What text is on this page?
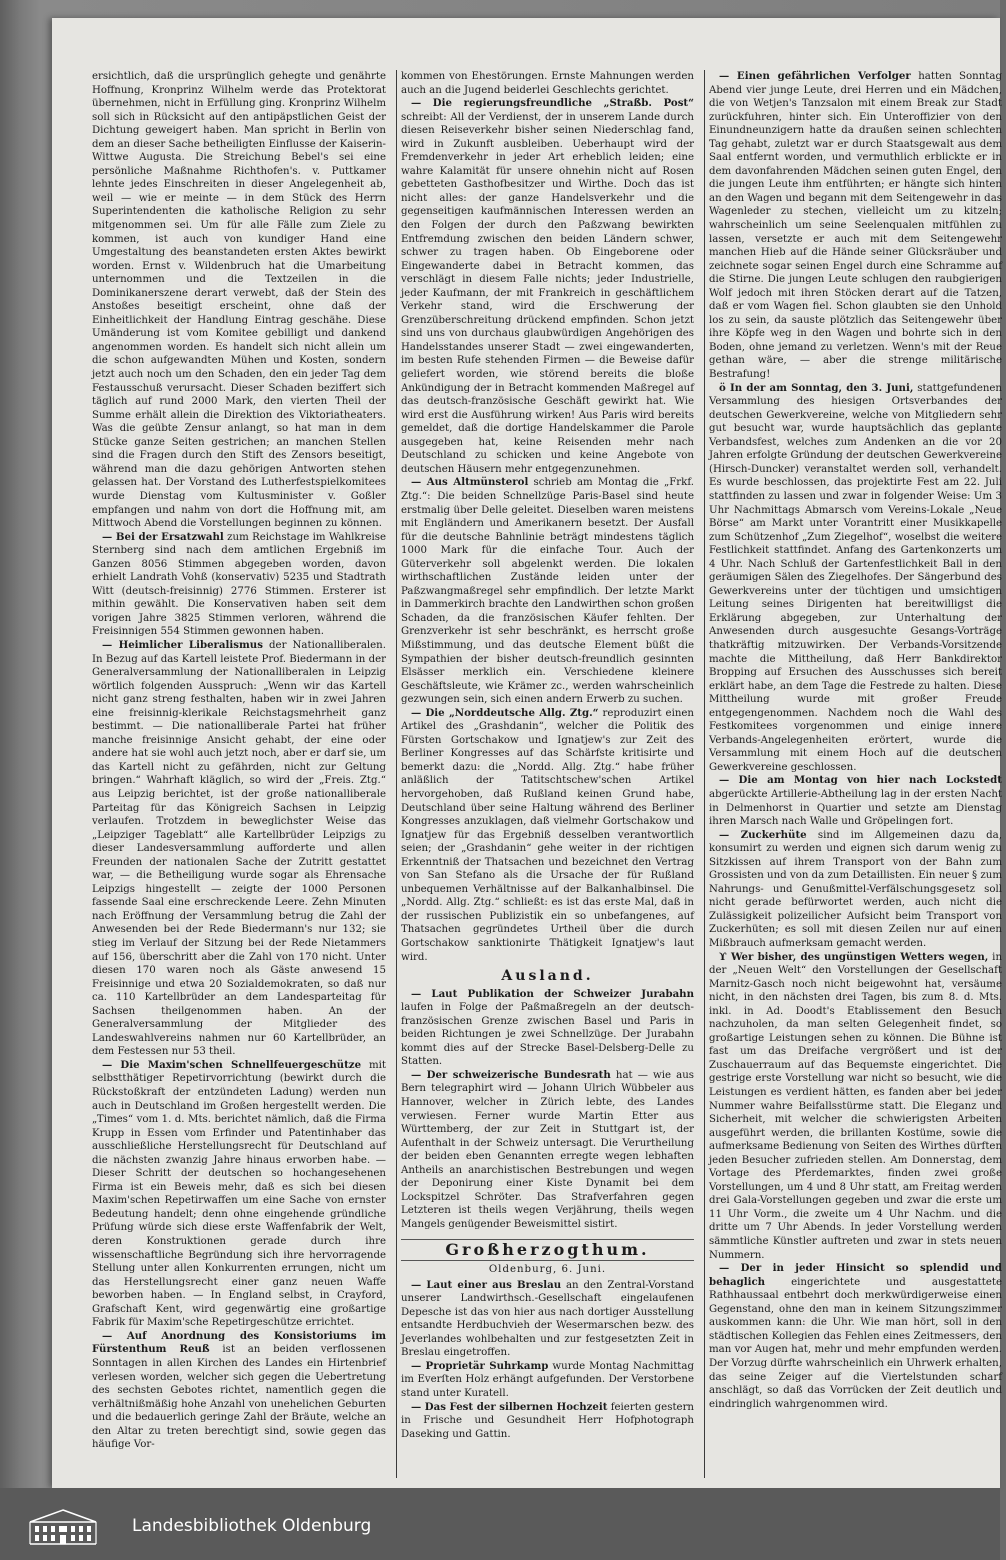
ersichtlich, daß die ursprünglich gehegte und genährte Hoffnung, Kronprinz Wilhelm werde das Protektorat übernehmen, nicht in Erfüllung ging. Kronprinz Wilhelm soll sich in Rücksicht auf den antipäpstlichen Geist der Dichtung geweigert haben. Man spricht in Berlin von dem an dieser Sache betheiligten Einflusse der Kaiserin-Wittwe Augusta. Die Streichung Bebel's sei eine persönliche Maßnahme Richthofen's. v. Puttkamer lehnte jedes Einschreiten in dieser Angelegenheit ab, weil — wie er meinte — in dem Stück des Herrn Superintendenten die katholische Religion zu sehr mitgenommen sei. Um für alle Fälle zum Ziele zu kommen, ist auch von kundiger Hand eine Umgestaltung des beanstandeten ersten Aktes bewirkt worden. Ernst v. Wildenbruch hat die Umarbeitung unternommen und die Textzeilen in die Dominikanerszene derart verwebt, daß der Stein des Anstoßes beseitigt erscheint, ohne daß der Einheitlichkeit der Handlung Eintrag geschähe. Diese Umänderung ist vom Komitee gebilligt und dankend angenommen worden. Es handelt sich nicht allein um die schon aufgewandten Mühen und Kosten, sondern jetzt auch noch um den Schaden, den ein jeder Tag dem Festausschuß verursacht. Dieser Schaden beziffert sich täglich auf rund 2000 Mark, den vierten Theil der Summe erhält allein die Direktion des Viktoriatheaters. Was die geübte Zensur anlangt, so hat man in dem Stücke ganze Seiten gestrichen; an manchen Stellen sind die Fragen durch den Stift des Zensors beseitigt, während man die dazu gehörigen Antworten stehen gelassen hat. Der Vorstand des Lutherfestspielkomitees wurde Dienstag vom Kultusminister v. Goßler empfangen und nahm von dort die Hoffnung mit, am Mittwoch Abend die Vorstellungen beginnen zu können.

— Bei der Ersatzwahl zum Reichstage im Wahlkreise Sternberg sind nach dem amtlichen Ergebniß im Ganzen 8056 Stimmen abgegeben worden, davon erhielt Landrath Vohß (konservativ) 5235 und Stadtrath Witt (deutsch-freisinnig) 2776 Stimmen. Ersterer ist mithin gewählt. Die Konservativen haben seit dem vorigen Jahre 3825 Stimmen verloren, während die Freisinnigen 554 Stimmen gewonnen haben.

— Heimlicher Liberalismus der Nationalliberalen. In Bezug auf das Kartell leistete Prof. Biedermann in der Generalversammlung der Nationalliberalen in Leipzig wörtlich folgenden Ausspruch: „Wenn wir das Kartell nicht ganz streng festhalten, haben wir in zwei Jahren eine freisinnig-klerikale Reichstagsmehrheit ganz bestimmt. — Die nationalliberale Partei hat früher manche freisinnige Ansicht gehabt, der eine oder andere hat sie wohl auch jetzt noch, aber er darf sie, um das Kartell nicht zu gefährden, nicht zur Geltung bringen.“ Wahrhaft kläglich, so wird der „Freis. Ztg.“ aus Leipzig berichtet, ist der große nationalliberale Parteitag für das Königreich Sachsen in Leipzig verlaufen. Trotzdem in beweglichster Weise das „Leipziger Tageblatt“ alle Kartellbrüder Leipzigs zu dieser Landesversammlung aufforderte und allen Freunden der nationalen Sache der Zutritt gestattet war, — die Betheiligung wurde sogar als Ehrensache Leipzigs hingestellt — zeigte der 1000 Personen fassende Saal eine erschreckende Leere. Zehn Minuten nach Eröffnung der Versammlung betrug die Zahl der Anwesenden bei der Rede Biedermann's nur 132; sie stieg im Verlauf der Sitzung bei der Rede Nietammers auf 156, überschritt aber die Zahl von 170 nicht. Unter diesen 170 waren noch als Gäste anwesend 15 Freisinnige und etwa 20 Sozialdemokraten, so daß nur ca. 110 Kartellbrüder an dem Landesparteitag für Sachsen theilgenommen haben. An der Generalversammlung der Mitglieder des Landeswahlvereins nahmen nur 60 Kartellbrüder, an dem Festessen nur 53 theil.

— Die Maxim'schen Schnellfeuergeschütze mit selbstthätiger Repetirvorrichtung (bewirkt durch die Rückstoßkraft der entzündeten Ladung) werden nun auch in Deutschland im Großen hergestellt werden. Die „Times“ vom 1. d. Mts. berichtet nämlich, daß die Firma Krupp in Essen vom Erfinder und Patentinhaber das ausschließliche Herstellungsrecht für Deutschland auf die nächsten zwanzig Jahre hinaus erworben habe. — Dieser Schritt der deutschen so hochangesehenen Firma ist ein Beweis mehr, daß es sich bei diesen Maxim'schen Repetirwaffen um eine Sache von ernster Bedeutung handelt; denn ohne eingehende gründliche Prüfung würde sich diese erste Waffenfabrik der Welt, deren Konstruktionen gerade durch ihre wissenschaftliche Begründung sich ihre hervorragende Stellung unter allen Konkurrenten errungen, nicht um das Herstellungsrecht einer ganz neuen Waffe beworben haben. — In England selbst, in Crayford, Grafschaft Kent, wird gegenwärtig eine großartige Fabrik für Maxim'sche Repetirgeschütze errichtet.

— Auf Anordnung des Konsistoriums im Fürstenthum Reuß ist an beiden verflossenen Sonntagen in allen Kirchen des Landes ein Hirtenbrief verlesen worden, welcher sich gegen die Uebertretung des sechsten Gebotes richtet, namentlich gegen die verhältnißmäßig hohe Anzahl von unehelichen Geburten und die bedauerlich geringe Zahl der Bräute, welche an den Altar zu treten berechtigt sind, sowie gegen das häufige Vor-

kommen von Ehestörungen. Ernste Mahnungen werden auch an die Jugend beiderlei Geschlechts gerichtet.

— Die regierungsfreundliche „Straßb. Post“ schreibt: All der Verdienst, der in unserem Lande durch diesen Reiseverkehr bisher seinen Niederschlag fand, wird in Zukunft ausbleiben. Ueberhaupt wird der Fremdenverkehr in jeder Art erheblich leiden; eine wahre Kalamität für unsere ohnehin nicht auf Rosen gebetteten Gasthofbesitzer und Wirthe. Doch das ist nicht alles: der ganze Handelsverkehr und die gegenseitigen kaufmännischen Interessen werden an den Folgen der durch den Paßzwang bewirkten Entfremdung zwischen den beiden Ländern schwer, schwer zu tragen haben. Ob Eingeborene oder Eingewanderte dabei in Betracht kommen, das verschlägt in diesem Falle nichts; jeder Industrielle, jeder Kaufmann, der mit Frankreich in geschäftlichem Verkehr stand, wird die Erschwerung der Grenzüberschreitung drückend empfinden. Schon jetzt sind uns von durchaus glaubwürdigen Angehörigen des Handelsstandes unserer Stadt — zwei eingewanderten, im besten Rufe stehenden Firmen — die Beweise dafür geliefert worden, wie störend bereits die bloße Ankündigung der in Betracht kommenden Maßregel auf das deutsch-französische Geschäft gewirkt hat. Wie wird erst die Ausführung wirken! Aus Paris wird bereits gemeldet, daß die dortige Handelskammer die Parole ausgegeben hat, keine Reisenden mehr nach Deutschland zu schicken und keine Angebote von deutschen Häusern mehr entgegenzunehmen.

— Aus Altmünsterol schrieb am Montag die „Frkf. Ztg.“: Die beiden Schnellzüge Paris-Basel sind heute erstmalig über Delle geleitet. Dieselben waren meistens mit Engländern und Amerikanern besetzt. Der Ausfall für die deutsche Bahnlinie beträgt mindestens täglich 1000 Mark für die einfache Tour. Auch der Güterverkehr soll abgelenkt werden. Die lokalen wirthschaftlichen Zustände leiden unter der Paßzwangmaßregel sehr empfindlich. Der letzte Markt in Dammerkirch brachte den Landwirthen schon großen Schaden, da die französischen Käufer fehlten. Der Grenzverkehr ist sehr beschränkt, es herrscht große Mißstimmung, und das deutsche Element büßt die Sympathien der bisher deutsch-freundlich gesinnten Elsässer merklich ein. Verschiedene kleinere Geschäftsleute, wie Krämer zc., werden wahrscheinlich gezwungen sein, sich einen andern Erwerb zu suchen.

— Die „Norddeutsche Allg. Ztg.“ reproduzirt einen Artikel des „Grashdanin“, welcher die Politik des Fürsten Gortschakow und Ignatjew's zur Zeit des Berliner Kongresses auf das Schärfste kritisirte und bemerkt dazu: die „Nordd. Allg. Ztg.“ habe früher anläßlich der Tatitschtschew'schen Artikel hervorgehoben, daß Rußland keinen Grund habe, Deutschland über seine Haltung während des Berliner Kongresses anzuklagen, daß vielmehr Gortschakow und Ignatjew für das Ergebniß desselben verantwortlich seien; der „Grashdanin“ gehe weiter in der richtigen Erkenntniß der Thatsachen und bezeichnet den Vertrag von San Stefano als die Ursache der für Rußland unbequemen Verhältnisse auf der Balkanhalbinsel. Die „Nordd. Allg. Ztg.“ schließt: es ist das erste Mal, daß in der russischen Publizistik ein so unbefangenes, auf Thatsachen gegründetes Urtheil über die durch Gortschakow sanktionirte Thätigkeit Ignatjew's laut wird.

Ausland.

— Laut Publikation der Schweizer Jurabahn laufen in Folge der Paßmaßregeln an der deutsch-französischen Grenze zwischen Basel und Paris in beiden Richtungen je zwei Schnellzüge. Der Jurabahn kommt dies auf der Strecke Basel-Delsberg-Delle zu Statten.

— Der schweizerische Bundesrath hat — wie aus Bern telegraphirt wird — Johann Ulrich Wübbeler aus Hannover, welcher in Zürich lebte, des Landes verwiesen. Ferner wurde Martin Etter aus Württemberg, der zur Zeit in Stuttgart ist, der Aufenthalt in der Schweiz untersagt. Die Verurtheilung der beiden eben Genannten erregte wegen lebhaften Antheils an anarchistischen Bestrebungen und wegen der Deponirung einer Kiste Dynamit bei dem Lockspitzel Schröter. Das Strafverfahren gegen Letzteren ist theils wegen Verjährung, theils wegen Mangels genügender Beweismittel sistirt.

Großherzogthum.

Oldenburg, 6. Juni.

— Laut einer aus Breslau an den Zentral-Vorstand unserer Landwirthsch.-Gesellschaft eingelaufenen Depesche ist das von hier aus nach dortiger Ausstellung entsandte Herdbuchvieh der Wesermarschen bezw. des Jeverlandes wohlbehalten und zur festgesetzten Zeit in Breslau eingetroffen.

— Proprietär Suhrkamp wurde Montag Nachmittag im Everſten Holz erhängt aufgefunden. Der Verstorbene stand unter Kuratell.

— Das Fest der silbernen Hochzeit feierten gestern in Frische und Gesundheit Herr Hofphotograph Daseking und Gattin.

— Einen gefährlichen Verfolger hatten Sonntag Abend vier junge Leute, drei Herren und ein Mädchen, die von Wetjen's Tanzsalon mit einem Break zur Stadt zurückfuhren, hinter sich. Ein Unteroffizier von den Einundneunzigern hatte da draußen seinen schlechten Tag gehabt, zuletzt war er durch Staatsgewalt aus dem Saal entfernt worden, und vermuthlich erblickte er in dem davonfahrenden Mädchen seinen guten Engel, den die jungen Leute ihm entführten; er hängte sich hinten an den Wagen und begann mit dem Seitengewehr in das Wagenleder zu stechen, vielleicht um zu kitzeln; wahrscheinlich um seine Seelenqualen mitfühlen zu lassen, versetzte er auch mit dem Seitengewehr manchen Hieb auf die Hände seiner Glücksräuber und zeichnete sogar seinen Engel durch eine Schramme auf die Stirne. Die jungen Leute schlugen den raubgierigen Wolf jedoch mit ihren Stöcken derart auf die Tatzen, daß er vom Wagen fiel. Schon glaubten sie den Unhold los zu sein, da sauste plötzlich das Seitengewehr über ihre Köpfe weg in den Wagen und bohrte sich in den Boden, ohne jemand zu verletzen. Wenn's mit der Reue gethan wäre, — aber die strenge militärische Bestrafung!

ö In der am Sonntag, den 3. Juni, stattgefundenen Versammlung des hiesigen Ortsverbandes der deutschen Gewerkvereine, welche von Mitgliedern sehr gut besucht war, wurde hauptsächlich das geplante Verbandsfest, welches zum Andenken an die vor 20 Jahren erfolgte Gründung der deutschen Gewerkvereine (Hirsch-Duncker) veranstaltet werden soll, verhandelt. Es wurde beschlossen, das projektirte Fest am 22. Juli stattfinden zu lassen und zwar in folgender Weise: Um 3 Uhr Nachmittags Abmarsch vom Vereins-Lokale „Neue Börse“ am Markt unter Vorantritt einer Musikkapelle zum Schützenhof „Zum Ziegelhof“, woselbst die weitere Festlichkeit stattfindet. Anfang des Gartenkonzerts um 4 Uhr. Nach Schluß der Gartenfestlichkeit Ball in den geräumigen Sälen des Ziegelhofes. Der Sängerbund des Gewerkvereins unter der tüchtigen und umsichtigen Leitung seines Dirigenten hat bereitwilligst die Erklärung abgegeben, zur Unterhaltung der Anwesenden durch ausgesuchte Gesangs-Vorträge thatkräftig mitzuwirken. Der Verbands-Vorsitzende machte die Mittheilung, daß Herr Bankdirektor Bropping auf Ersuchen des Ausschusses sich bereit erklärt habe, an dem Tage die Festrede zu halten. Diese Mittheilung wurde mit großer Freude entgegengenommen. Nachdem noch die Wahl des Festkomitees vorgenommen und einige innere Verbands-Angelegenheiten erörtert, wurde die Versammlung mit einem Hoch auf die deutschen Gewerkvereine geschlossen.

— Die am Montag von hier nach Lockstedt abgerückte Artillerie-Abtheilung lag in der ersten Nacht in Delmenhorst in Quartier und setzte am Dienstag ihren Marsch nach Walle und Gröpelingen fort.

— Zuckerhüte sind im Allgemeinen dazu da, konsumirt zu werden und eignen sich darum wenig zu Sitzkissen auf ihrem Transport von der Bahn zum Grossisten und von da zum Detaillisten. Ein neuer § zum Nahrungs- und Genußmittel-Verfälschungsgesetz soll nicht gerade befürwortet werden, auch nicht die Zulässigkeit polizeilicher Aufsicht beim Transport von Zuckerhüten; es soll mit diesen Zeilen nur auf einen Mißbrauch aufmerksam gemacht werden.

ϒ Wer bisher, des ungünstigen Wetters wegen, in der „Neuen Welt“ den Vorstellungen der Gesellschaft Marnitz-Gasch noch nicht beigewohnt hat, versäume nicht, in den nächsten drei Tagen, bis zum 8. d. Mts. inkl. in Ad. Doodt's Etablissement den Besuch nachzuholen, da man selten Gelegenheit findet, so großartige Leistungen sehen zu können. Die Bühne ist fast um das Dreifache vergrößert und ist der Zuschauerraum auf das Bequemste eingerichtet. Die gestrige erste Vorstellung war nicht so besucht, wie die Leistungen es verdient hätten, es fanden aber bei jeder Nummer wahre Beifallsstürme statt. Die Eleganz und Sicherheit, mit welcher die schwierigsten Arbeiten ausgeführt werden, die brillanten Kostüme, sowie die aufmerksame Bedienung von Seiten des Wirthes dürften jeden Besucher zufrieden stellen. Am Donnerstag, dem Vortage des Pferdemarktes, finden zwei große Vorstellungen, um 4 und 8 Uhr statt, am Freitag werden drei Gala-Vorstellungen gegeben und zwar die erste um 11 Uhr Vorm., die zweite um 4 Uhr Nachm. und die dritte um 7 Uhr Abends. In jeder Vorstellung werden sämmtliche Künstler auftreten und zwar in stets neuen Nummern.

— Der in jeder Hinsicht so splendid und behaglich eingerichtete und ausgestattete Rathhaussaal entbehrt doch merkwürdigerweise einen Gegenstand, ohne den man in keinem Sitzungszimmer auskommen kann: die Uhr. Wie man hört, soll in den städtischen Kollegien das Fehlen eines Zeitmessers, den man vor Augen hat, mehr und mehr empfunden werden. Der Vorzug dürfte wahrscheinlich ein Uhrwerk erhalten, das seine Zeiger auf die Viertelstunden scharf anschlägt, so daß das Vorrücken der Zeit deutlich und eindringlich wahrgenommen wird.

Landesbibliothek Oldenburg
